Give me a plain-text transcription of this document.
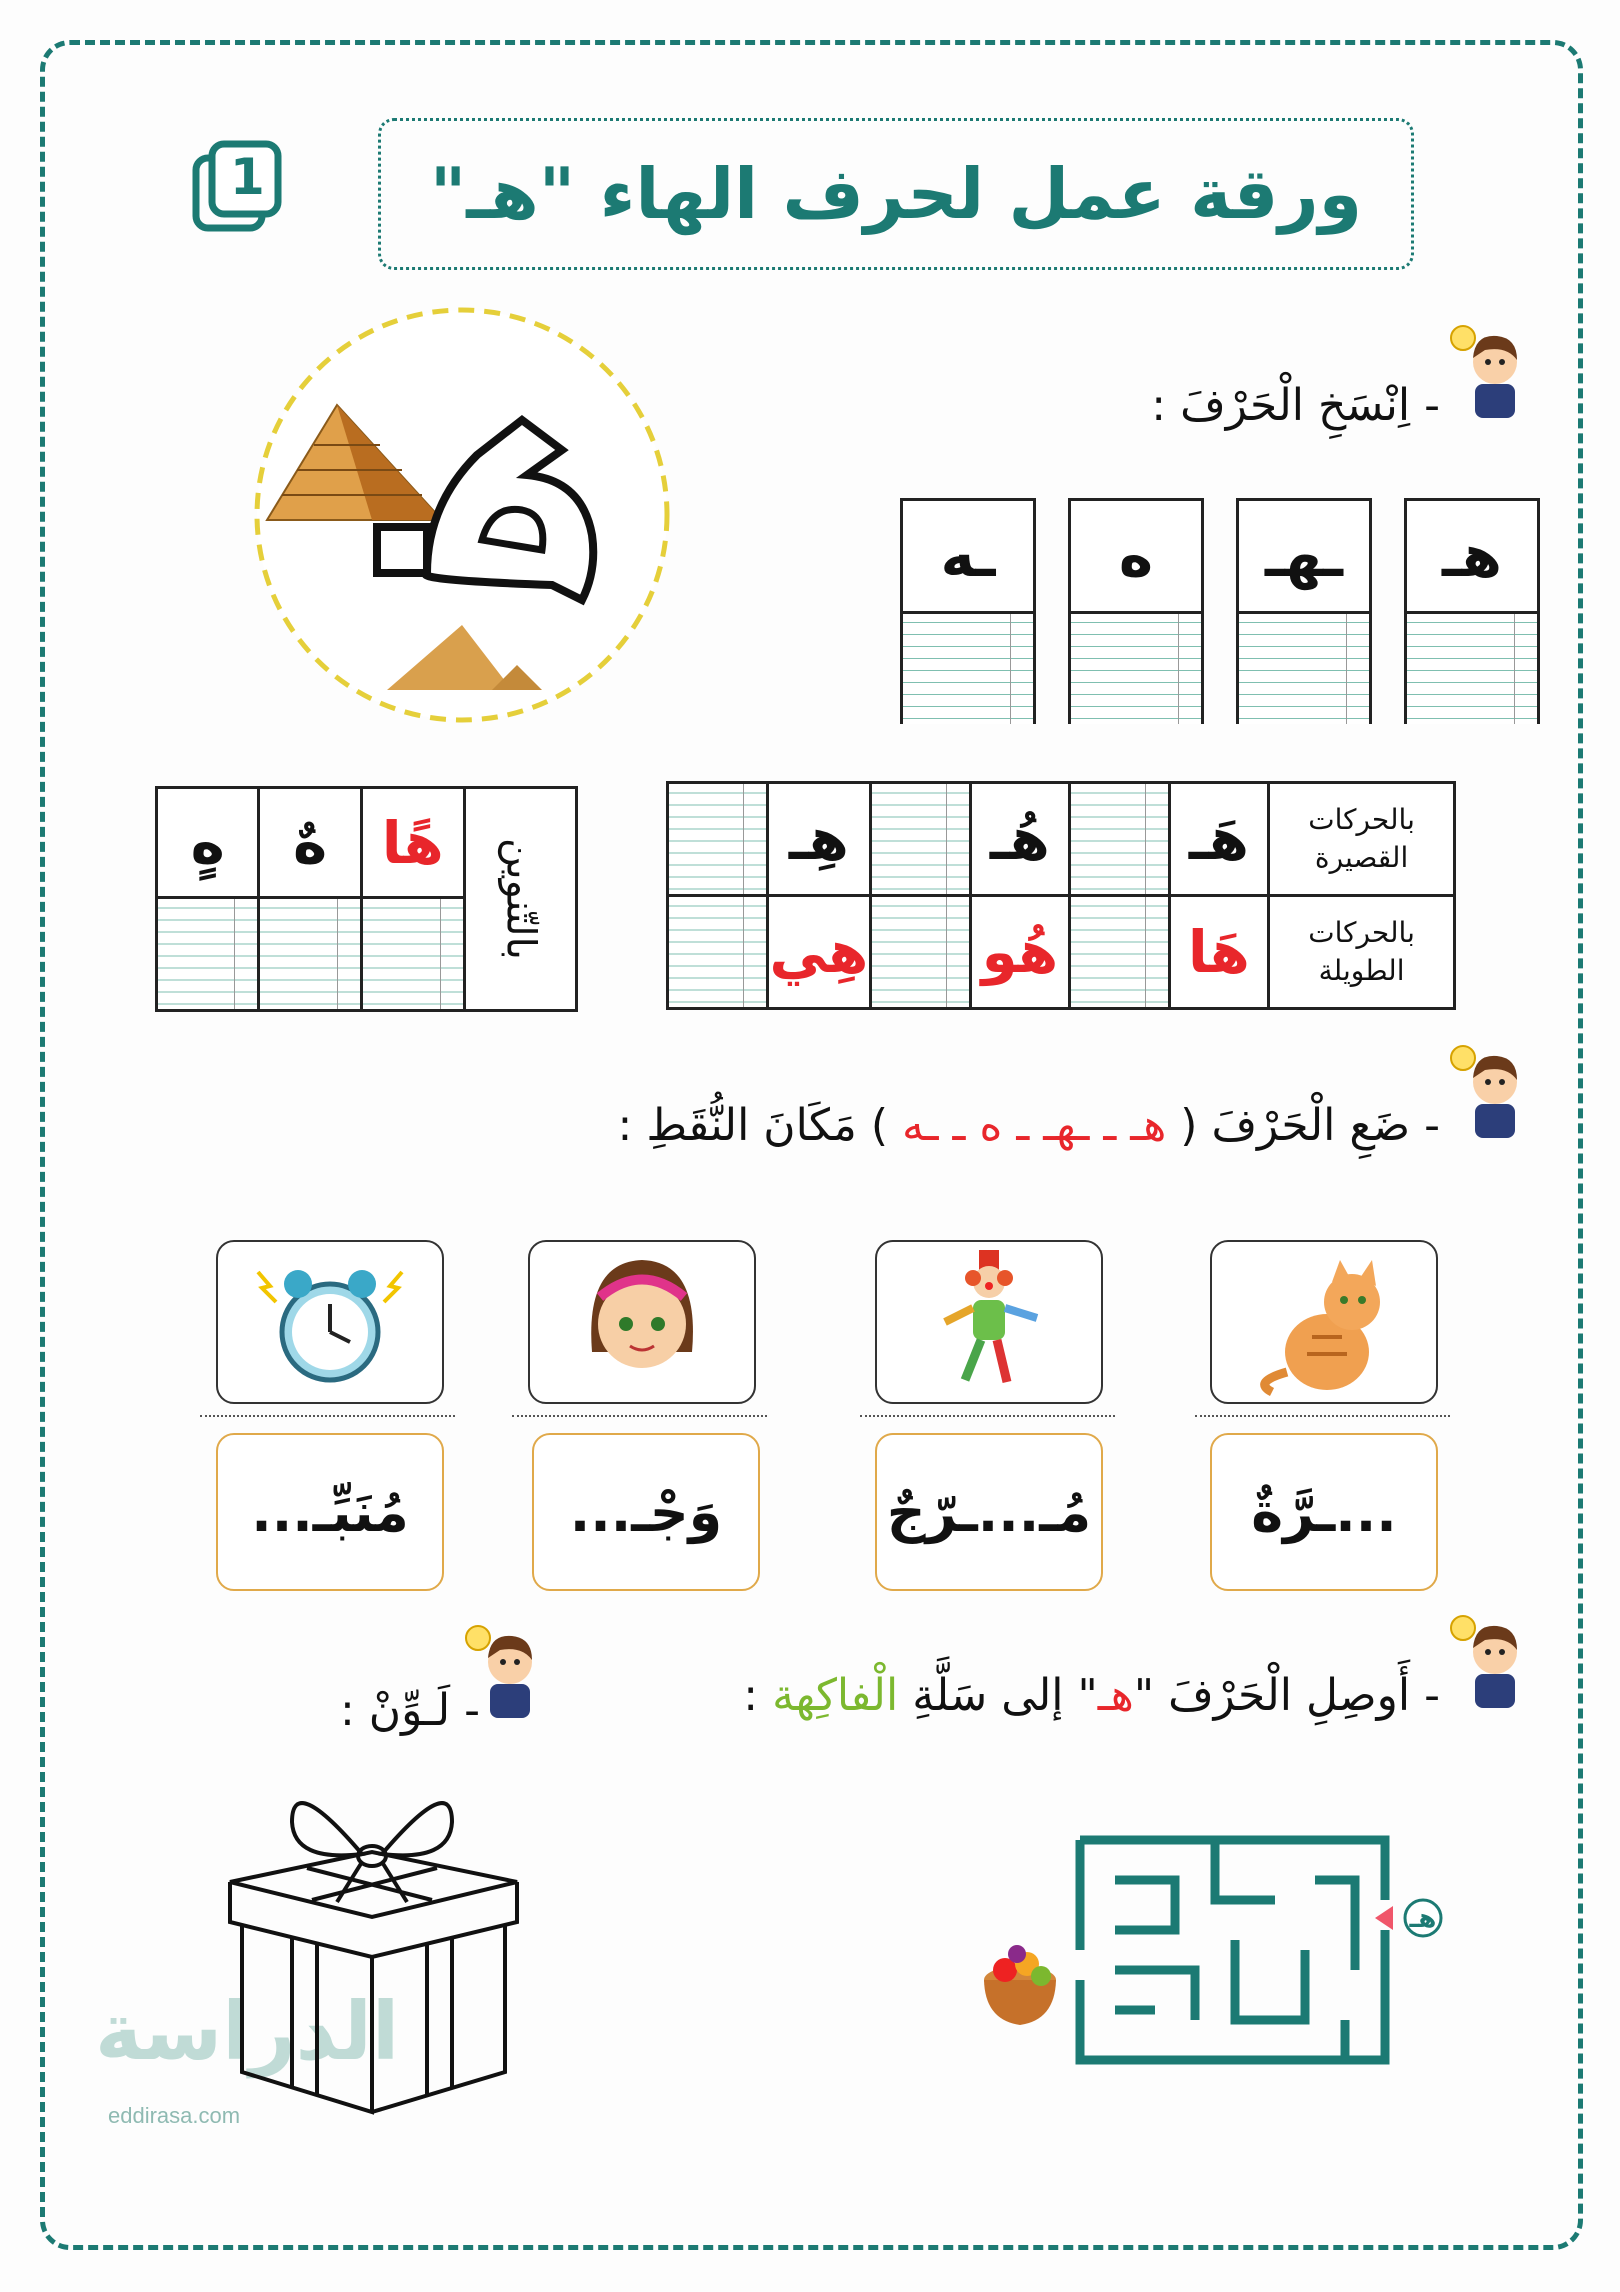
ورقة عمل لحرف الهاء "هـ"
1
- اِنْسَخِ الْحَرْفَ :
هـ
ـهـ
ه
ـه
بالحركات القصيرة	هَـ		هُـ		هِـ	
بالحركات الطويلة	هَا		هُو		هِي	
بالتّنوين	هًا	هٌ	هٍ

- ضَعِ الْحَرْفَ ( هـ ـ ـهـ ـ ه ـ ـه ) مَكَانَ النُّقَطِ :
...ـرَّةٌ
مُـ...ـرّجٌ
وَجْـ...
مُنَبِّـ...
- أَوصِلِ الْحَرْفَ "هـ" إلى سَلَّةِ الْفاكِهة :
هـ
- لَـوِّنْ :
الدراسة
eddirasa.com
